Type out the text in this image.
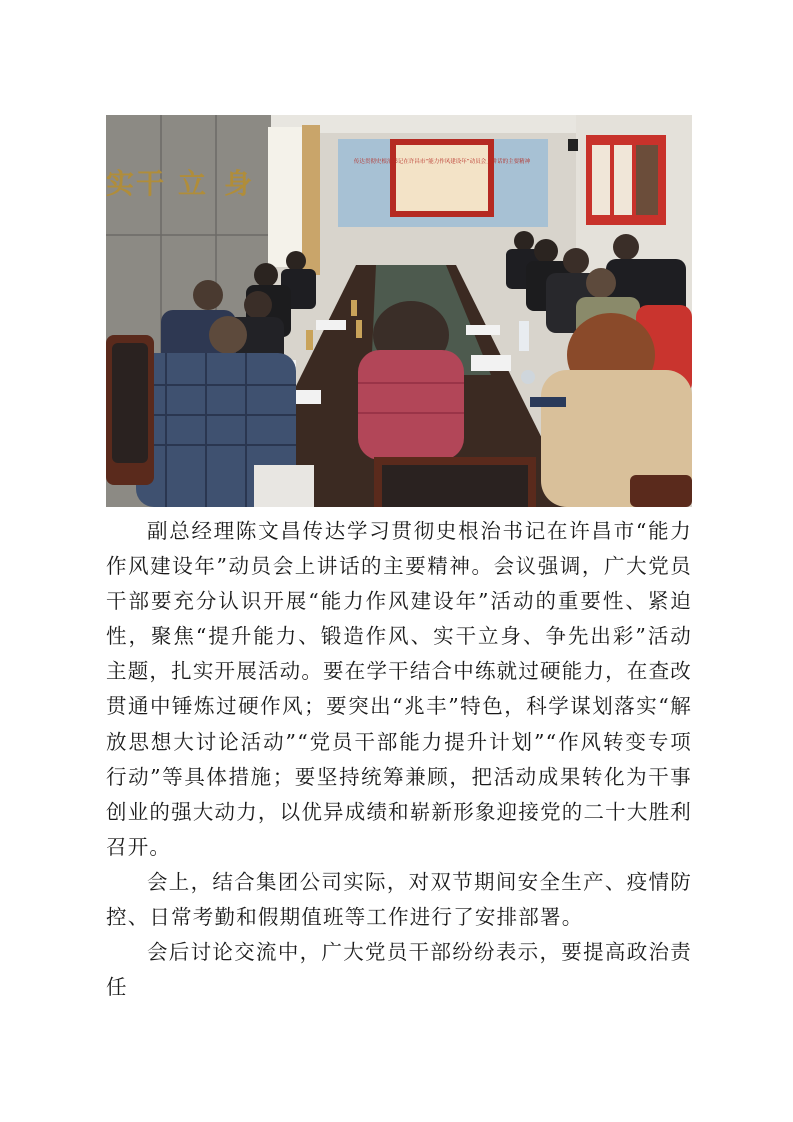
实 干 立 身
传达贯彻史根治书记在许昌市“能力作风建设年”动员会上讲话的主要精神

副总经理陈文昌传达学习贯彻史根治书记在许昌市“能力作风建设年”动员会上讲话的主要精神。会议强调，广大党员干部要充分认识开展“能力作风建设年”活动的重要性、紧迫性，聚焦“提升能力、锻造作风、实干立身、争先出彩”活动主题，扎实开展活动。要在学干结合中练就过硬能力，在查改贯通中锤炼过硬作风；要突出“兆丰”特色，科学谋划落实“解放思想大讨论活动”“党员干部能力提升计划”“作风转变专项行动”等具体措施；要坚持统筹兼顾，把活动成果转化为干事创业的强大动力，以优异成绩和崭新形象迎接党的二十大胜利召开。

会上，结合集团公司实际，对双节期间安全生产、疫情防控、日常考勤和假期值班等工作进行了安排部署。

会后讨论交流中，广大党员干部纷纷表示，要提高政治责任
